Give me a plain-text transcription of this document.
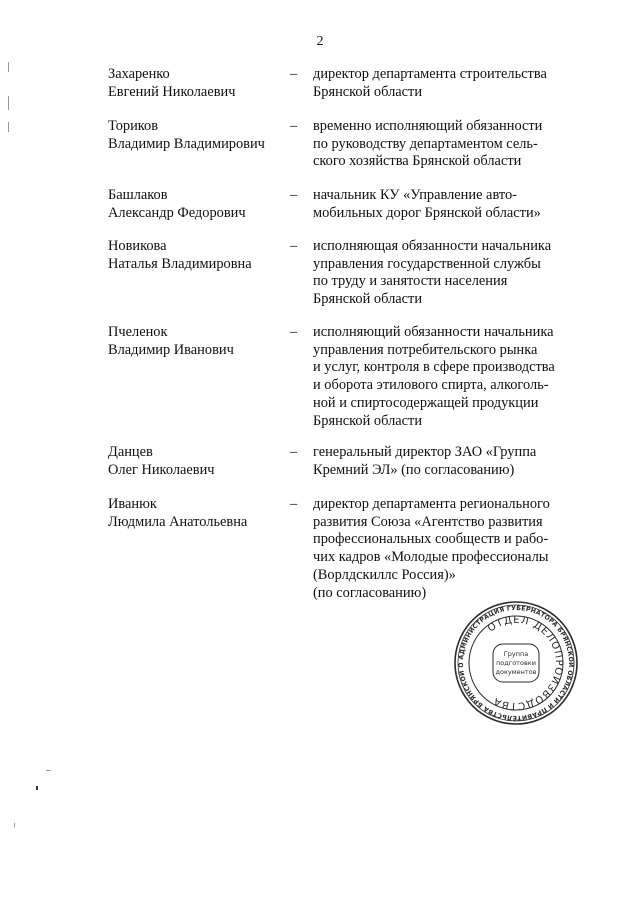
2
Захаренко
Евгений Николаевич
–	директор департамента строительства
Брянской области
Ториков
Владимир Владимирович
–	временно исполняющий обязанности
по руководству департаментом сель-
ского хозяйства Брянской области
Башлаков
Александр Федорович
–	начальник КУ «Управление авто-
мобильных дорог Брянской области»
Новикова
Наталья Владимировна
–	исполняющая обязанности начальника
управления государственной службы
по труду и занятости населения
Брянской области
Пчеленок
Владимир Иванович
–	исполняющий обязанности начальника
управления потребительского рынка
и услуг, контроля в сфере производства
и оборота этилового спирта, алкоголь-
ной и спиртосодержащей продукции
Брянской области
Данцев
Олег Николаевич
–	генеральный директор ЗАО «Группа
Кремний ЭЛ» (по согласованию)
Иванюк
Людмила Анатольевна
–	директор департамента регионального
развития Союза «Агентство развития
профессиональных сообществ и рабо-
чих кадров «Молодые профессионалы
(Ворлдскиллс Россия)»
(по согласованию)
АДМИНИСТРАЦИЯ ГУБЕРНАТОРА БРЯНСКОЙ ОБЛАСТИ И ПРАВИТЕЛЬСТВА БРЯНСКОЙ О
ОТДЕЛ ДЕЛОПРОИЗВОДСТВА
Группа
подготовки
документов
